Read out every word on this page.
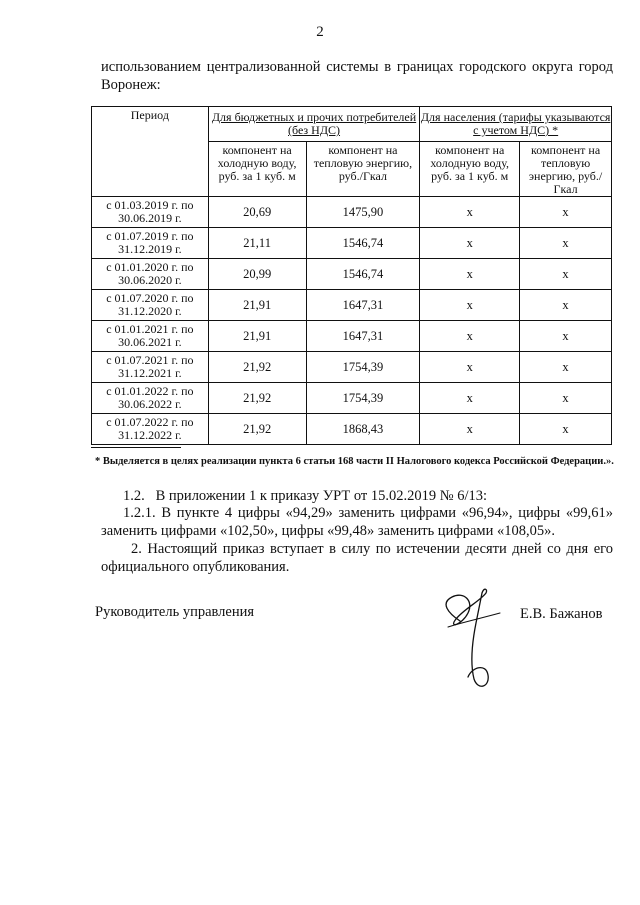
2
использованием централизованной системы в границах городского округа город Воронеж:
Период	Для бюджетных и прочих потребителей (без НДС)		Для населения (тарифы указываются с учетом НДС) *	
	компонент на холодную воду, руб. за 1 куб. м	компонент на тепловую энергию, руб./Гкал	компонент на холодную воду, руб. за 1 куб. м	компонент на тепловую энергию, руб./Гкал
с 01.03.2019 г. по 30.06.2019 г.	20,69	1475,90	х	х
с 01.07.2019 г. по 31.12.2019 г.	21,11	1546,74	х	х
с 01.01.2020 г. по 30.06.2020 г.	20,99	1546,74	х	х
с 01.07.2020 г. по 31.12.2020 г.	21,91	1647,31	х	х
с 01.01.2021 г. по 30.06.2021 г.	21,91	1647,31	х	х
с 01.07.2021 г. по 31.12.2021 г.	21,92	1754,39	х	х
с 01.01.2022 г. по 30.06.2022 г.	21,92	1754,39	х	х
с 01.07.2022 г. по 31.12.2022 г.	21,92	1868,43	х	х
* Выделяется в целях реализации пункта 6 статьи 168 части II Налогового кодекса Российской Федерации.».
1.2.   В приложении 1 к приказу УРТ от 15.02.2019 № 6/13:
1.2.1. В пункте 4 цифры «94,29» заменить цифрами «96,94», цифры «99,61» заменить цифрами «102,50», цифры «99,48» заменить цифрами «108,05».
2. Настоящий приказ вступает в силу по истечении десяти дней со дня его официального опубликования.
Руководитель управления	Е.В. Бажанов
